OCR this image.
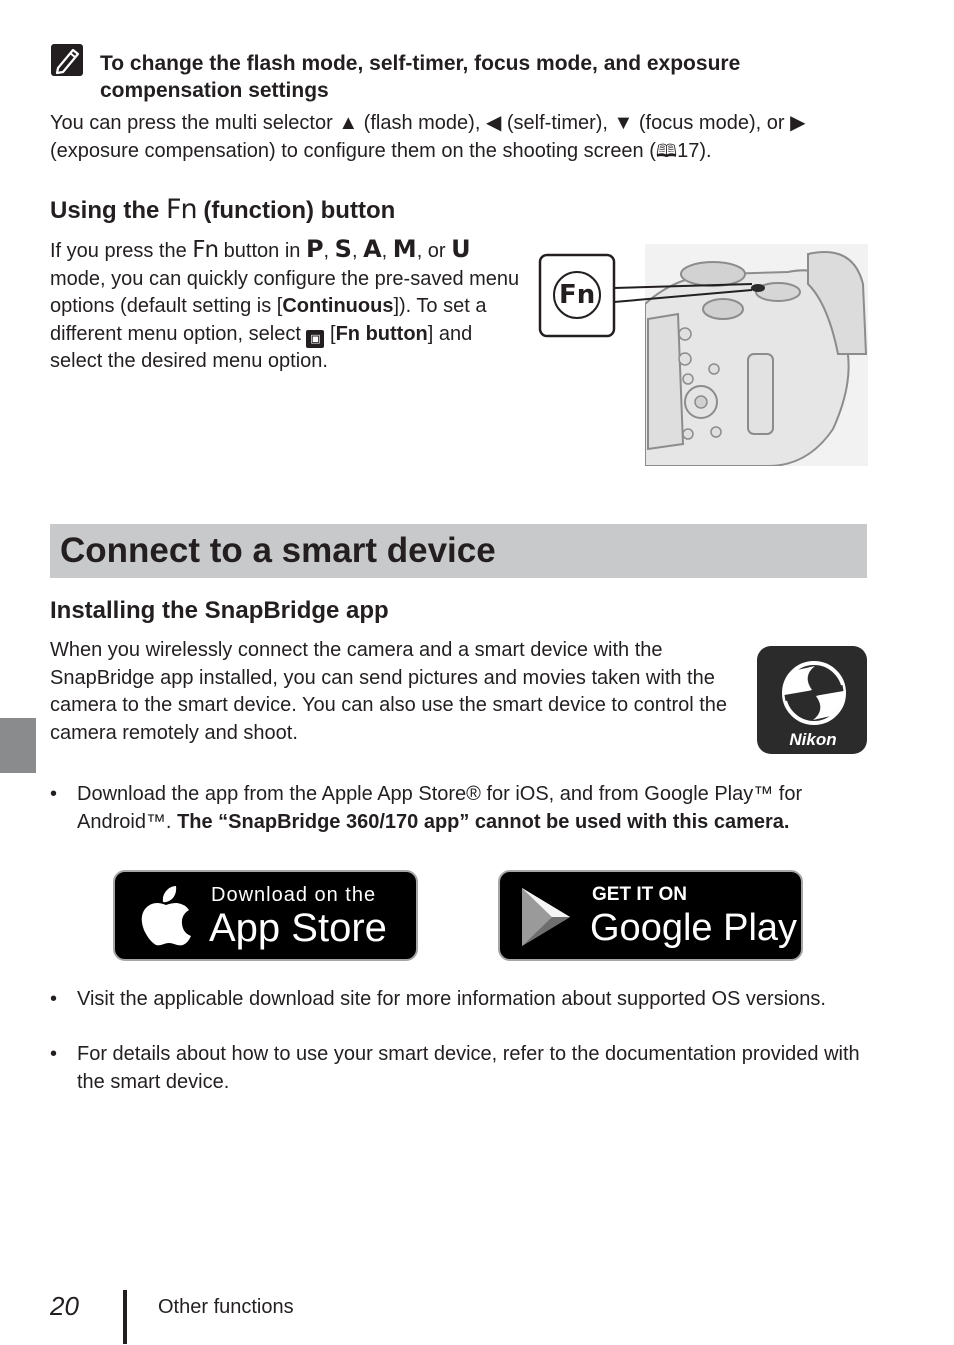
To change the flash mode, self-timer, focus mode, and exposure compensation settings
You can press the multi selector ▲ (flash mode), ◀ (self-timer), ▼ (focus mode), or ▶
(exposure compensation) to configure them on the shooting screen (🕮17).
Using the Fn (function) button
If you press the Fn button in P, S, A, M, or U mode, you can quickly configure the pre-saved menu options (default setting is [Continuous]). To set a different menu option, select ▣ [Fn button] and select the desired menu option.
Fn
Connect to a smart device
Installing the SnapBridge app
When you wirelessly connect the camera and a smart device with the SnapBridge app installed, you can send pictures and movies taken with the camera to the smart device. You can also use the smart device to control the camera remotely and shoot.	Nikon
• Download the app from the Apple App Store® for iOS, and from Google Play™ for Android™. The “SnapBridge 360/170 app” cannot be used with this camera.
Download on the
App Store
GET IT ON
Google Play
• Visit the applicable download site for more information about supported OS versions.
• For details about how to use your smart device, refer to the documentation provided with the smart device.
20	Other functions
